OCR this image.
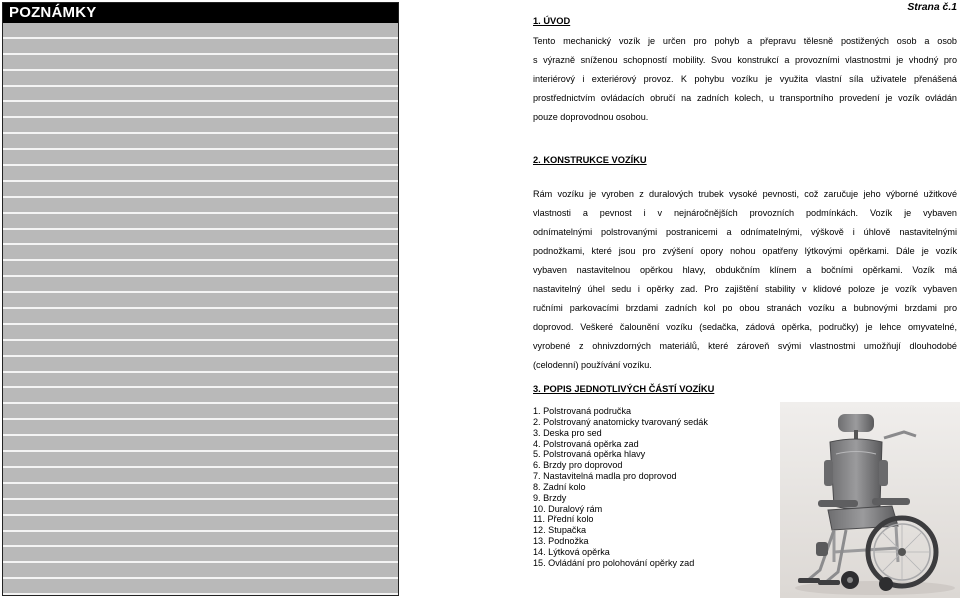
POZNÁMKY	Strana č.1
1. ÚVOD
Tento mechanický vozík je určen pro pohyb a přepravu tělesně postižených osob a osob
s výrazně sníženou schopností mobility. Svou konstrukcí a provozními vlastnostmi je vhodný pro
interiérový i exteriérový provoz. K pohybu vozíku je využita vlastní síla uživatele přenášená
prostřednictvím ovládacích obručí na zadních kolech, u transportního provedení je vozík ovládán
pouze doprovodnou osobou.
2. KONSTRUKCE VOZÍKU
Rám vozíku je vyroben z duralových trubek vysoké pevnosti, což zaručuje jeho výborné užitkové
vlastnosti a pevnost i v nejnáročnějších provozních podmínkách. Vozík je vybaven
odnímatelnými polstrovanými postranicemi a odnímatelnými, výškově i úhlově nastavitelnými
podnožkami, které jsou pro zvýšení opory nohou opatřeny lýtkovými opěrkami. Dále je vozík
vybaven nastavitelnou opěrkou hlavy, obdukčním klínem a bočními opěrkami. Vozík má
nastavitelný úhel sedu i opěrky zad. Pro zajištění stability v klidové poloze je vozík vybaven
ručními parkovacími brzdami zadních kol po obou stranách vozíku a bubnovými brzdami pro
doprovod. Veškeré čalounění vozíku (sedačka, zádová opěrka, područky) je lehce omyvatelné,
vyrobené z ohnivzdorných materiálů, které zároveň svými vlastnostmi umožňují dlouhodobé
(celodenní) používání vozíku.
3. POPIS JEDNOTLIVÝCH ČÁSTÍ VOZÍKU
1. Polstrovaná područka
2. Polstrovaný anatomicky tvarovaný sedák
3. Deska pro sed
4. Polstrovaná opěrka zad
5. Polstrovaná opěrka hlavy
6. Brzdy pro doprovod
7. Nastavitelná madla pro doprovod
8. Zadní kolo
9. Brzdy
10. Duralový rám
11. Přední kolo
12. Stupačka
13. Podnožka
14. Lýtková opěrka
15. Ovládání pro polohování opěrky zad
